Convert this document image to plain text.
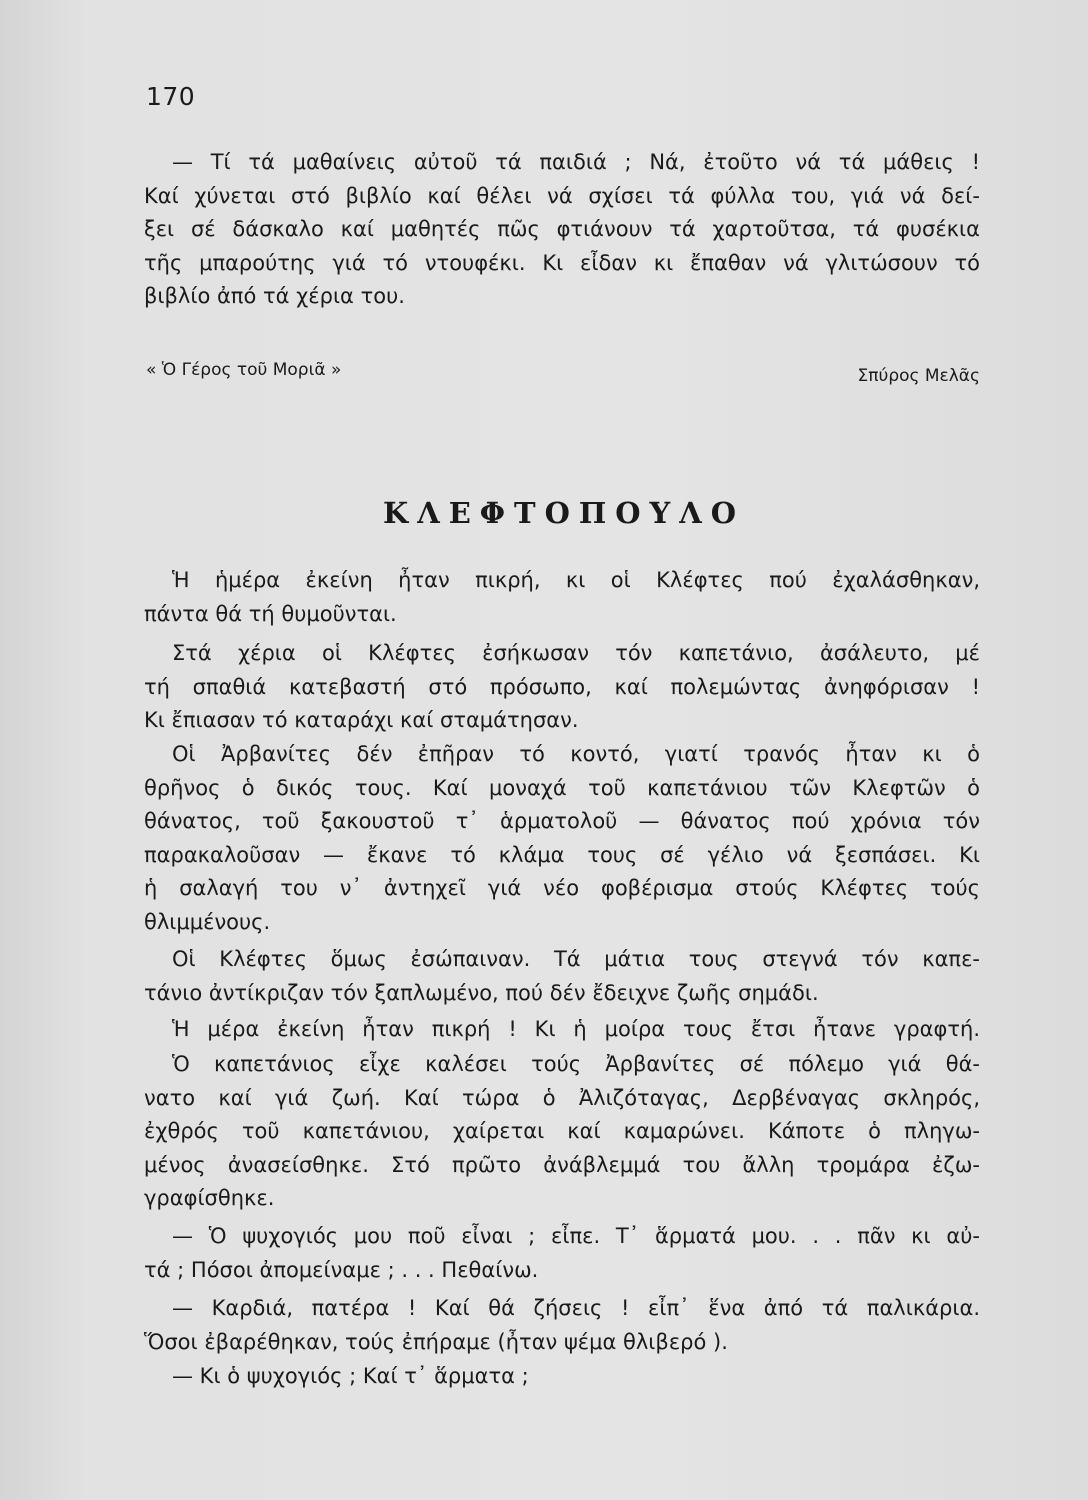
170
— Τί τά μαθαίνεις αὐτοῦ τά παιδιά ; Νά, ἐτοῦτο νά τά μάθεις !
Καί χύνεται στό βιβλίο καί θέλει νά σχίσει τά φύλλα του, γιά νά δεί-
ξει σέ δάσκαλο καί μαθητές πῶς φτιάνουν τά χαρτοῦτσα, τά φυσέκια
τῆς μπαρούτης γιά τό ντουφέκι. Κι εἶδαν κι ἔπαθαν νά γλιτώσουν τό
βιβλίο ἀπό τά χέρια του.
« Ὁ Γέρος τοῦ Μοριᾶ »	Σπύρος Μελᾶς
ΚΛΕΦΤΟΠΟΥΛΟ
Ἡ ἡμέρα ἐκείνη ἦταν πικρή, κι οἱ Κλέφτες πού ἐχαλάσθηκαν,
πάντα θά τή θυμοῦνται.
Στά χέρια οἱ Κλέφτες ἐσήκωσαν τόν καπετάνιο, ἀσάλευτο, μέ
τή σπαθιά κατεβαστή στό πρόσωπο, καί πολεμώντας ἀνηφόρισαν !
Κι ἔπιασαν τό καταράχι καί σταμάτησαν.
Οἱ Ἀρβανίτες δέν ἐπῆραν τό κοντό, γιατί τρανός ἦταν κι ὁ
θρῆνος ὁ δικός τους. Καί μοναχά τοῦ καπετάνιου τῶν Κλεφτῶν ὁ
θάνατος, τοῦ ξακουστοῦ τ᾿ ἁρματολοῦ — θάνατος πού χρόνια τόν
παρακαλοῦσαν — ἔκανε τό κλάμα τους σέ γέλιο νά ξεσπάσει. Κι
ἡ σαλαγή του ν᾿ ἀντηχεῖ γιά νέο φοβέρισμα στούς Κλέφτες τούς
θλιμμένους.
Οἱ Κλέφτες ὅμως ἐσώπαιναν. Τά μάτια τους στεγνά τόν καπε-
τάνιο ἀντίκριζαν τόν ξαπλωμένο, πού δέν ἔδειχνε ζωῆς σημάδι.
Ἡ μέρα ἐκείνη ἦταν πικρή ! Κι ἡ μοίρα τους ἔτσι ἦτανε γραφτή.
Ὁ καπετάνιος εἶχε καλέσει τούς Ἀρβανίτες σέ πόλεμο γιά θά-
νατο καί γιά ζωή. Καί τώρα ὁ Ἀλιζόταγας, Δερβέναγας σκληρός,
ἐχθρός τοῦ καπετάνιου, χαίρεται καί καμαρώνει. Κάποτε ὁ πληγω-
μένος ἀνασείσθηκε. Στό πρῶτο ἀνάβλεμμά του ἄλλη τρομάρα ἐζω-
γραφίσθηκε.
— Ὁ ψυχογιός μου ποῦ εἶναι ; εἶπε. Τ᾿ ἅρματά μου. . . πᾶν κι αὐ-
τά ; Πόσοι ἀπομείναμε ; . . . Πεθαίνω.
— Καρδιά, πατέρα ! Καί θά ζήσεις ! εἶπ᾿ ἕνα ἀπό τά παλικάρια.
Ὅσοι ἐβαρέθηκαν, τούς ἐπήραμε (ἦταν ψέμα θλιβερό ).
— Κι ὁ ψυχογιός ; Καί τ᾿ ἅρματα ;
